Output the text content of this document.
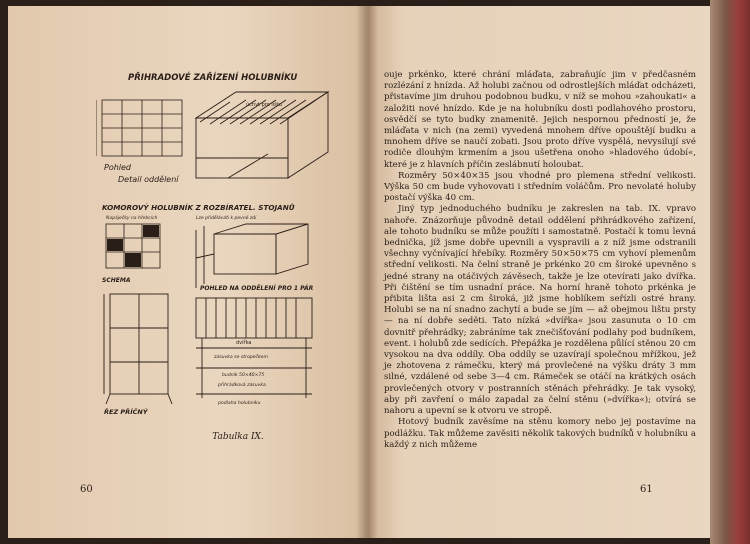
PŘIHRADOVÉ ZAŘÍZENÍ HOLUBNÍKU
Pohled
Detail oddělení
úchyt pro lištu
KOMOROVÝ HOLUBNÍK Z ROZBÍRATEL. STOJANŮ
Napáječky na hřebcích	Lze přiděláváti k pevné zdi
SCHEMA
POHLED NA ODDĚLENÍ PRO 1 PÁR
dvířka
zásuvka se stropečkem
budník 50×40×75
přihrádková zásuvka
podlaha holubníku
ŘEZ PŘÍČNÝ
Tabulka IX.
60

ouje prkénko, které chrání mláďata, zabraňujíc jim v předčasném rozlézání z hnízda. Až holubi začnou od odrostlejších mláďat odcházeti, přistavíme jim druhou podobnou budku, v níž se mohou »zahoukati« a založiti nové hnízdo. Kde je na holubníku dosti podlahového prostoru, osvědčí se tyto budky znamenitě. Jejich nespornou předností je, že mláďata v nich (na zemi) vyvedená mnohem dříve opouštějí budku a mnohem dříve se naučí zobati. Jsou proto dříve vyspělá, nevysilují své rodiče dlouhým krmením a jsou ušetřena onoho »hladového údobí«, které je z hlavních příčin zeslábnutí holoubat.

Rozměry 50×40×35 jsou vhodné pro plemena střední velikosti. Výška 50 cm bude vyhovovati i středním voláčům. Pro nevolaté holuby postačí výška 40 cm.

Jiný typ jednoduchého budníku je zakreslen na tab. IX. vpravo nahoře. Znázorňuje původně detail oddělení přihrádkového zařízení, ale tohoto budníku se může použíti i samostatně. Postačí k tomu levná bednička, jíž jsme dobře upevnili a vyspravili a z níž jsme odstranili všechny vyčnívající hřebíky. Rozměry 50×50×75 cm vyhoví plemenům střední velikosti. Na čelní straně je prkénko 20 cm široké upevněno s jedné strany na otáčivých závěsech, takže je lze otevírati jako dvířka. Při čištění se tím usnadní práce. Na horní hraně tohoto prkénka je přibita lišta asi 2 cm široká, již jsme hoblíkem seřízli ostré hrany. Holubi se na ní snadno zachytí a bude se jím — až obejmou lištu prsty — na ní dobře seděti. Tato nízká »dvířka« jsou zasunuta o 10 cm dovnitř přehrádky; zabráníme tak znečišťování podlahy pod budníkem, event. i holubů zde sedících. Přepážka je rozdělena půlící stěnou 20 cm vysokou na dva oddíly. Oba oddíly se uzavírají společnou mřížkou, jež je zhotovena z rámečku, který má provlečené na výšku dráty 3 mm silné, vzdálené od sebe 3—4 cm. Rámeček se otáčí na krátkých osách provlečených otvory v postranních stěnách přehrádky. Je tak vysoký, aby při zavření o málo zapadal za čelní stěnu (»dvířka«); otvírá se nahoru a upevní se k otvoru ve stropě.

Hotový budník zavěsíme na stěnu komory nebo jej postavíme na podlážku. Tak můžeme zavěsiti několik takových budníků v holubníku a každý z nich můžeme

61
